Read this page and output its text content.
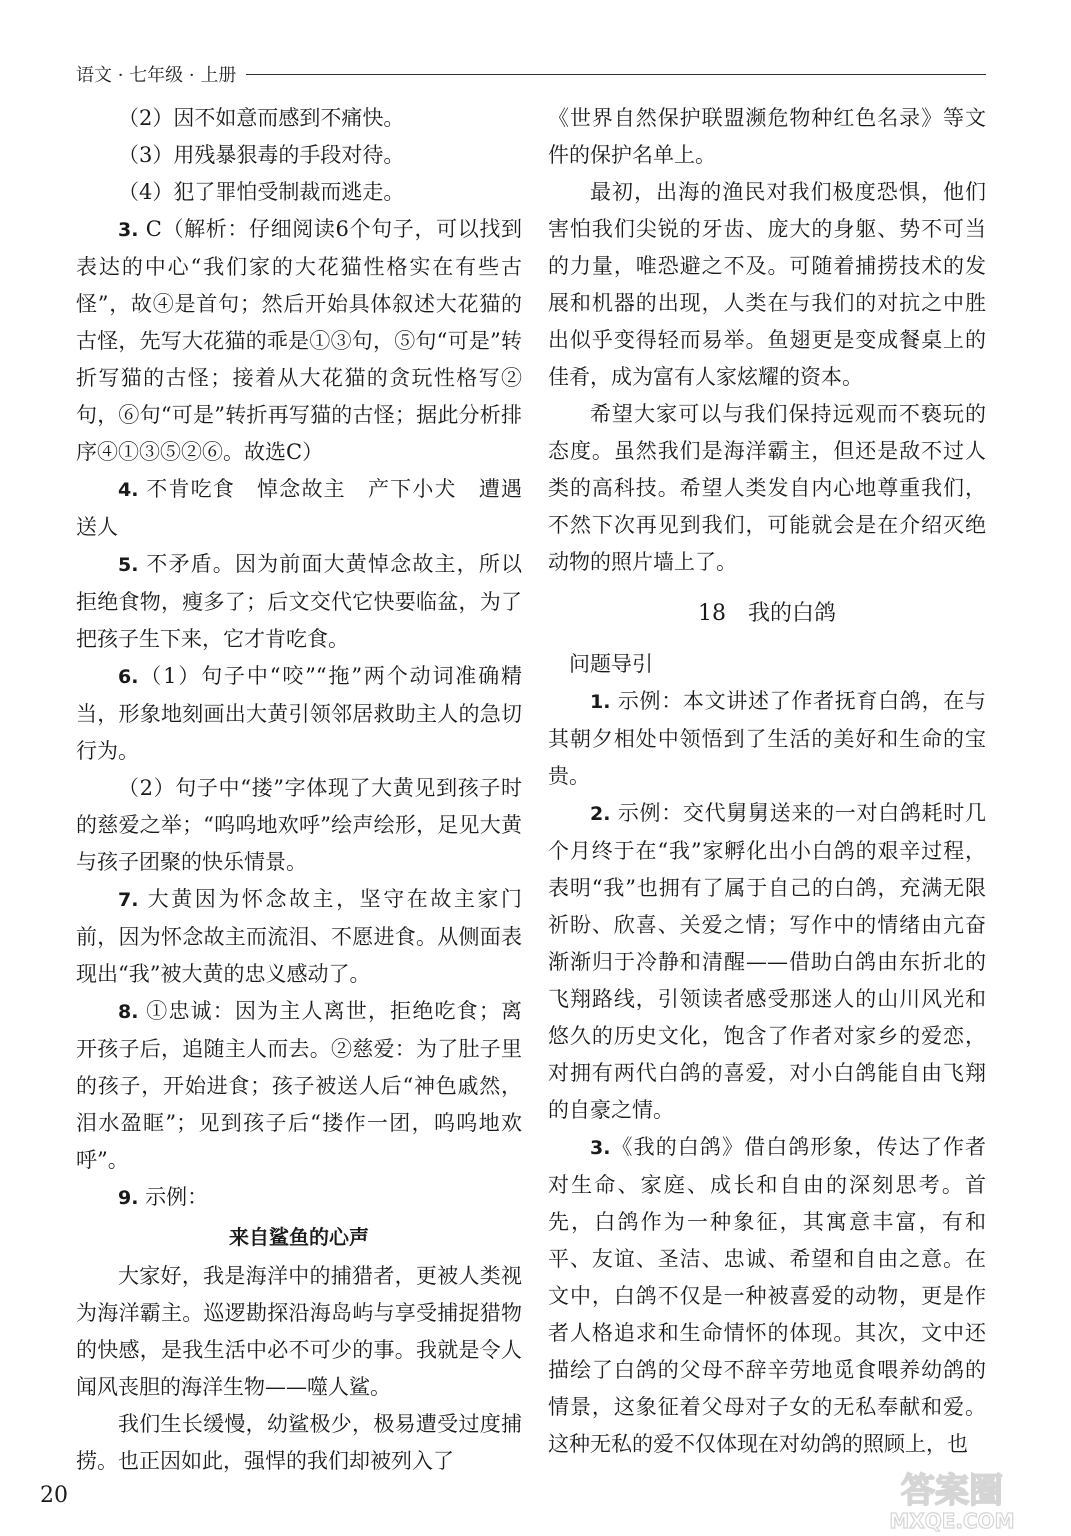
语文 · 七年级 · 上册

（2）因不如意而感到不痛快。

（3）用残暴狠毒的手段对待。

（4）犯了罪怕受制裁而逃走。

3. C（解析：仔细阅读6个句子，可以找到表达的中心“我们家的大花猫性格实在有些古怪”，故④是首句；然后开始具体叙述大花猫的古怪，先写大花猫的乖是①③句，⑤句“可是”转折写猫的古怪；接着从大花猫的贪玩性格写②句，⑥句“可是”转折再写猫的古怪；据此分析排序④①③⑤②⑥。故选C）

4. 不肯吃食　悼念故主　产下小犬　遭遇送人

5. 不矛盾。因为前面大黄悼念故主，所以拒绝食物，瘦多了；后文交代它快要临盆，为了把孩子生下来，它才肯吃食。

6.（1）句子中“咬”“拖”两个动词准确精当，形象地刻画出大黄引领邻居救助主人的急切行为。

（2）句子中“搂”字体现了大黄见到孩子时的慈爱之举；“呜呜地欢呼”绘声绘形，足见大黄与孩子团聚的快乐情景。

7. 大黄因为怀念故主，坚守在故主家门前，因为怀念故主而流泪、不愿进食。从侧面表现出“我”被大黄的忠义感动了。

8. ①忠诚：因为主人离世，拒绝吃食；离开孩子后，追随主人而去。②慈爱：为了肚子里的孩子，开始进食；孩子被送人后“神色戚然，泪水盈眶”；见到孩子后“搂作一团，呜呜地欢呼”。

9. 示例：

来自鲨鱼的心声

大家好，我是海洋中的捕猎者，更被人类视为海洋霸主。巡逻勘探沿海岛屿与享受捕捉猎物的快感，是我生活中必不可少的事。我就是令人闻风丧胆的海洋生物——噬人鲨。

我们生长缓慢，幼鲨极少，极易遭受过度捕捞。也正因如此，强悍的我们却被列入了

《世界自然保护联盟濒危物种红色名录》等文件的保护名单上。

最初，出海的渔民对我们极度恐惧，他们害怕我们尖锐的牙齿、庞大的身躯、势不可当的力量，唯恐避之不及。可随着捕捞技术的发展和机器的出现，人类在与我们的对抗之中胜出似乎变得轻而易举。鱼翅更是变成餐桌上的佳肴，成为富有人家炫耀的资本。

希望大家可以与我们保持远观而不亵玩的态度。虽然我们是海洋霸主，但还是敌不过人类的高科技。希望人类发自内心地尊重我们，不然下次再见到我们，可能就会是在介绍灭绝动物的照片墙上了。

18　我的白鸽

问题导引

1. 示例：本文讲述了作者抚育白鸽，在与其朝夕相处中领悟到了生活的美好和生命的宝贵。

2. 示例：交代舅舅送来的一对白鸽耗时几个月终于在“我”家孵化出小白鸽的艰辛过程，表明“我”也拥有了属于自己的白鸽，充满无限祈盼、欣喜、关爱之情；写作中的情绪由亢奋渐渐归于冷静和清醒——借助白鸽由东折北的飞翔路线，引领读者感受那迷人的山川风光和悠久的历史文化，饱含了作者对家乡的爱恋，对拥有两代白鸽的喜爱，对小白鸽能自由飞翔的自豪之情。

3.《我的白鸽》借白鸽形象，传达了作者对生命、家庭、成长和自由的深刻思考。首先，白鸽作为一种象征，其寓意丰富，有和平、友谊、圣洁、忠诚、希望和自由之意。在文中，白鸽不仅是一种被喜爱的动物，更是作者人格追求和生命情怀的体现。其次，文中还描绘了白鸽的父母不辞辛劳地觅食喂养幼鸽的情景，这象征着父母对子女的无私奉献和爱。这种无私的爱不仅体现在对幼鸽的照顾上，也

20	答案圈
MXQE.COM
